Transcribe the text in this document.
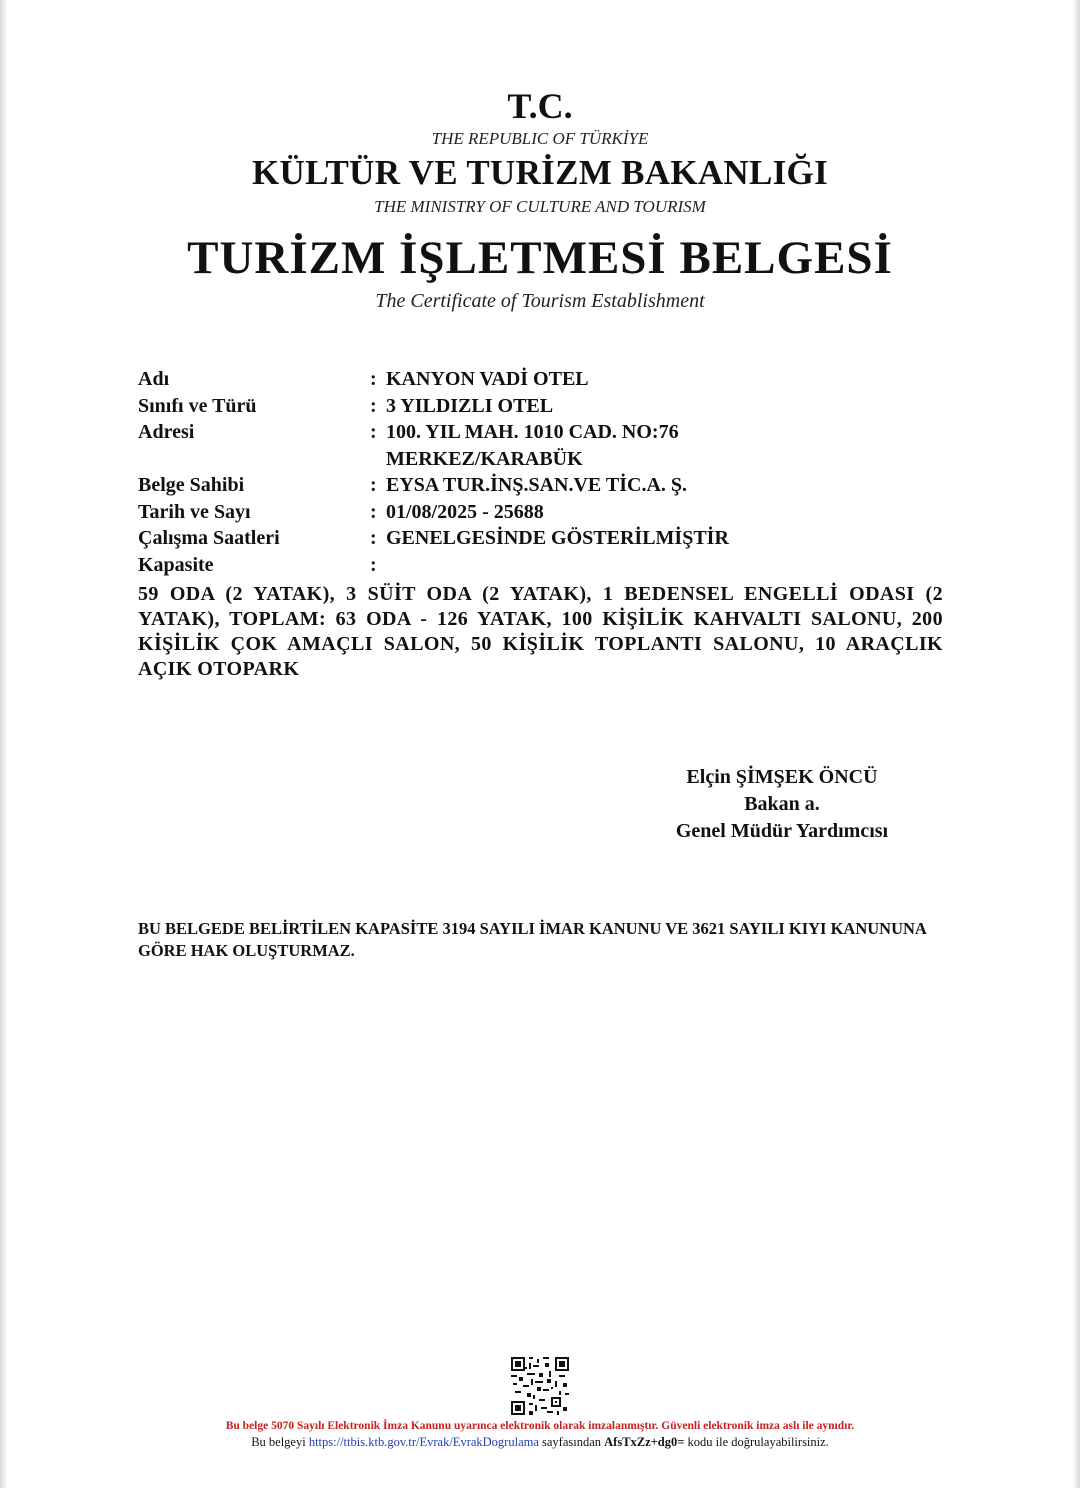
T.C.

THE REPUBLIC OF TÜRKİYE

KÜLTÜR VE TURİZM BAKANLIĞI

THE MINISTRY OF CULTURE AND TOURISM

TURİZM İŞLETMESİ BELGESİ

The Certificate of Tourism Establishment

Adı	: KANYON VADİ OTEL
Sınıfı ve Türü	: 3 YILDIZLI OTEL
Adresi	: 100. YIL MAH. 1010 CAD. NO:76
MERKEZ/KARABÜK
Belge Sahibi	: EYSA TUR.İNŞ.SAN.VE TİC.A. Ş.
Tarih ve Sayı	: 01/08/2025 - 25688
Çalışma Saatleri	: GENELGESİNDE GÖSTERİLMİŞTİR
Kapasite	:
59 ODA (2 YATAK), 3 SÜİT ODA (2 YATAK), 1 BEDENSEL ENGELLİ ODASI (2 YATAK), TOPLAM: 63 ODA - 126 YATAK, 100 KİŞİLİK KAHVALTI SALONU, 200 KİŞİLİK ÇOK AMAÇLI SALON, 50 KİŞİLİK TOPLANTI SALONU, 10 ARAÇLIK AÇIK OTOPARK
Elçin ŞİMŞEK ÖNCÜ
Bakan a.
Genel Müdür Yardımcısı
BU BELGEDE BELİRTİLEN KAPASİTE 3194 SAYILI İMAR KANUNU VE 3621 SAYILI KIYI KANUNUNA GÖRE HAK OLUŞTURMAZ.
Bu belge 5070 Sayılı Elektronik İmza Kanunu uyarınca elektronik olarak imzalanmıştır. Güvenli elektronik imza aslı ile aynıdır.
Bu belgeyi https://ttbis.ktb.gov.tr/Evrak/EvrakDogrulama sayfasından AfsTxZz+dg0= kodu ile doğrulayabilirsiniz.
